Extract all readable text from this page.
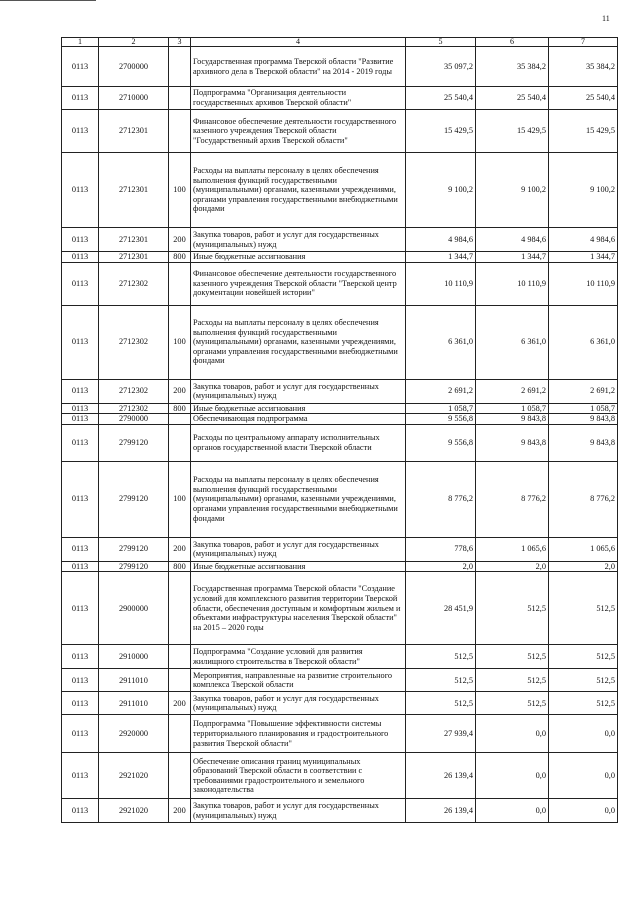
11
1	2	3	4	5	6	7
0113	2700000		Государственная программа Тверской области "Развитие архивного дела в Тверской области" на 2014 - 2019 годы	35 097,2	35 384,2	35 384,2
0113	2710000		Подпрограмма "Организация деятельности государственных архивов Тверской области"	25 540,4	25 540,4	25 540,4
0113	2712301		Финансовое обеспечение деятельности государственного казенного учреждения Тверской области "Государственный архив Тверской области"	15 429,5	15 429,5	15 429,5
0113	2712301	100	Расходы на выплаты персоналу в целях обеспечения выполнения функций государственными (муниципальными) органами, казенными учреждениями, органами управления государственными внебюджетными фондами	9 100,2	9 100,2	9 100,2
0113	2712301	200	Закупка товаров, работ и услуг для государственных (муниципальных) нужд	4 984,6	4 984,6	4 984,6
0113	2712301	800	Иные бюджетные ассигнования	1 344,7	1 344,7	1 344,7
0113	2712302		Финансовое обеспечение деятельности государственного казенного учреждения Тверской области "Тверской центр документации новейшей истории"	10 110,9	10 110,9	10 110,9
0113	2712302	100	Расходы на выплаты персоналу в целях обеспечения выполнения функций государственными (муниципальными) органами, казенными учреждениями, органами управления государственными внебюджетными фондами	6 361,0	6 361,0	6 361,0
0113	2712302	200	Закупка товаров, работ и услуг для государственных (муниципальных) нужд	2 691,2	2 691,2	2 691,2
0113	2712302	800	Иные бюджетные ассигнования	1 058,7	1 058,7	1 058,7
0113	2790000		Обеспечивающая подпрограмма	9 556,8	9 843,8	9 843,8
0113	2799120		Расходы по центральному аппарату исполнительных органов государственной власти Тверской области	9 556,8	9 843,8	9 843,8
0113	2799120	100	Расходы на выплаты персоналу в целях обеспечения выполнения функций государственными (муниципальными) органами, казенными учреждениями, органами управления государственными внебюджетными фондами	8 776,2	8 776,2	8 776,2
0113	2799120	200	Закупка товаров, работ и услуг для государственных (муниципальных) нужд	778,6	1 065,6	1 065,6
0113	2799120	800	Иные бюджетные ассигнования	2,0	2,0	2,0
0113	2900000		Государственная программа Тверской области "Создание условий для комплексного развития территории Тверской области, обеспечения доступным и комфортным жильем и объектами инфраструктуры населения Тверской области" на 2015 – 2020 годы	28 451,9	512,5	512,5
0113	2910000		Подпрограмма "Создание условий для развития жилищного строительства в Тверской области"	512,5	512,5	512,5
0113	2911010		Мероприятия, направленные на развитие строительного комплекса Тверской области	512,5	512,5	512,5
0113	2911010	200	Закупка товаров, работ и услуг для государственных (муниципальных) нужд	512,5	512,5	512,5
0113	2920000		Подпрограмма "Повышение эффективности системы территориального планирования и градостроительного развития Тверской области"	27 939,4	0,0	0,0
0113	2921020		Обеспечение описания границ муниципальных образований Тверской области в соответствии с требованиями градостроительного и земельного законодательства	26 139,4	0,0	0,0
0113	2921020	200	Закупка товаров, работ и услуг для государственных (муниципальных) нужд	26 139,4	0,0	0,0
